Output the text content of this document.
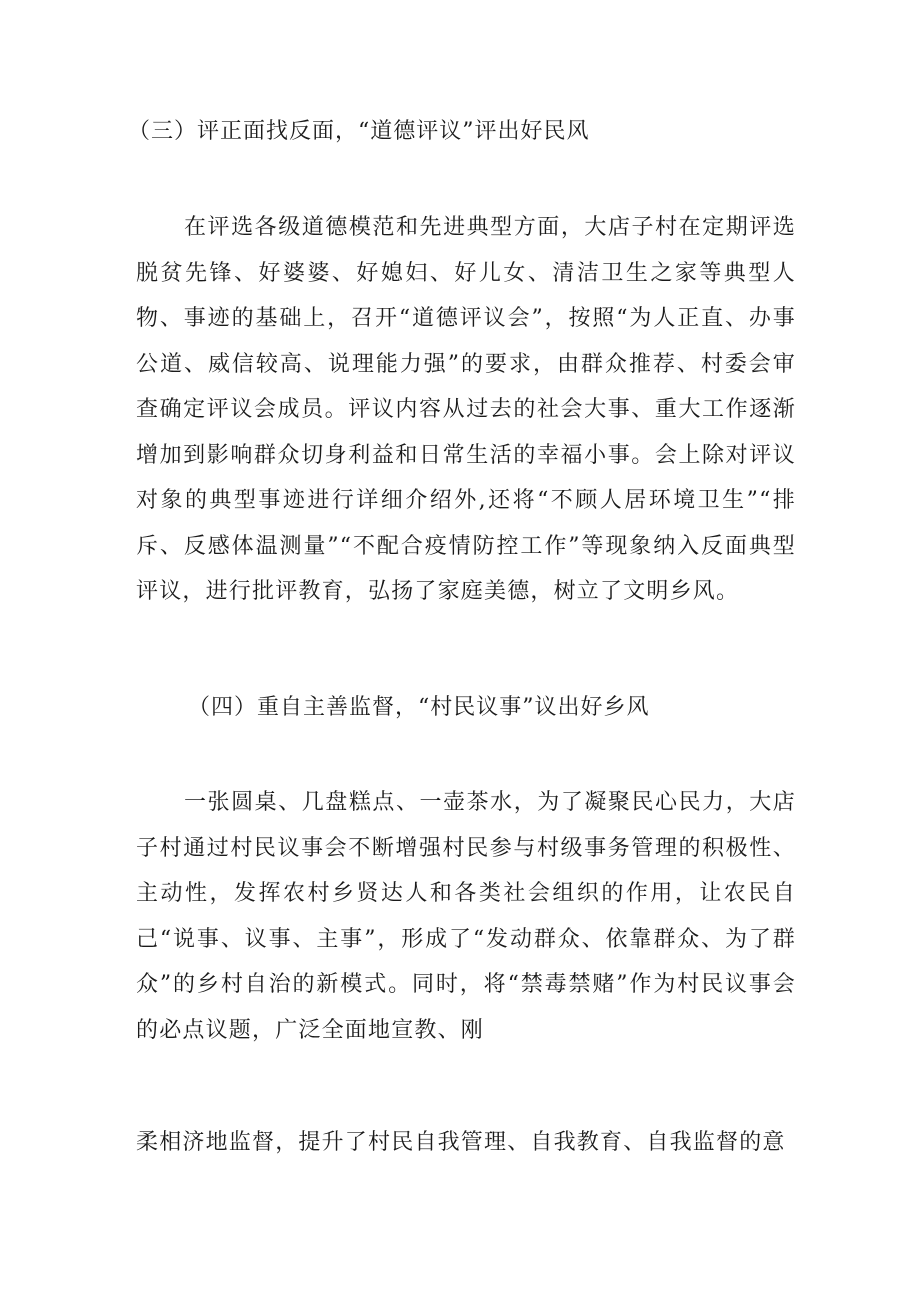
（三）评正面找反面，“道德评议”评出好民风

在评选各级道德模范和先进典型方面，大店子村在定期评选脱贫先锋、好婆婆、好媳妇、好儿女、清洁卫生之家等典型人物、事迹的基础上，召开“道德评议会”，按照“为人正直、办事公道、威信较高、说理能力强”的要求，由群众推荐、村委会审查确定评议会成员。评议内容从过去的社会大事、重大工作逐渐增加到影响群众切身利益和日常生活的幸福小事。会上除对评议对象的典型事迹进行详细介绍外,还将“不顾人居环境卫生”“排斥、反感体温测量”“不配合疫情防控工作”等现象纳入反面典型评议，进行批评教育，弘扬了家庭美德，树立了文明乡风。

（四）重自主善监督，“村民议事”议出好乡风

一张圆桌、几盘糕点、一壶茶水，为了凝聚民心民力，大店子村通过村民议事会不断增强村民参与村级事务管理的积极性、主动性，发挥农村乡贤达人和各类社会组织的作用，让农民自己“说事、议事、主事”，形成了“发动群众、依靠群众、为了群众”的乡村自治的新模式。同时，将“禁毒禁赌”作为村民议事会的必点议题，广泛全面地宣教、刚

柔相济地监督，提升了村民自我管理、自我教育、自我监督的意
